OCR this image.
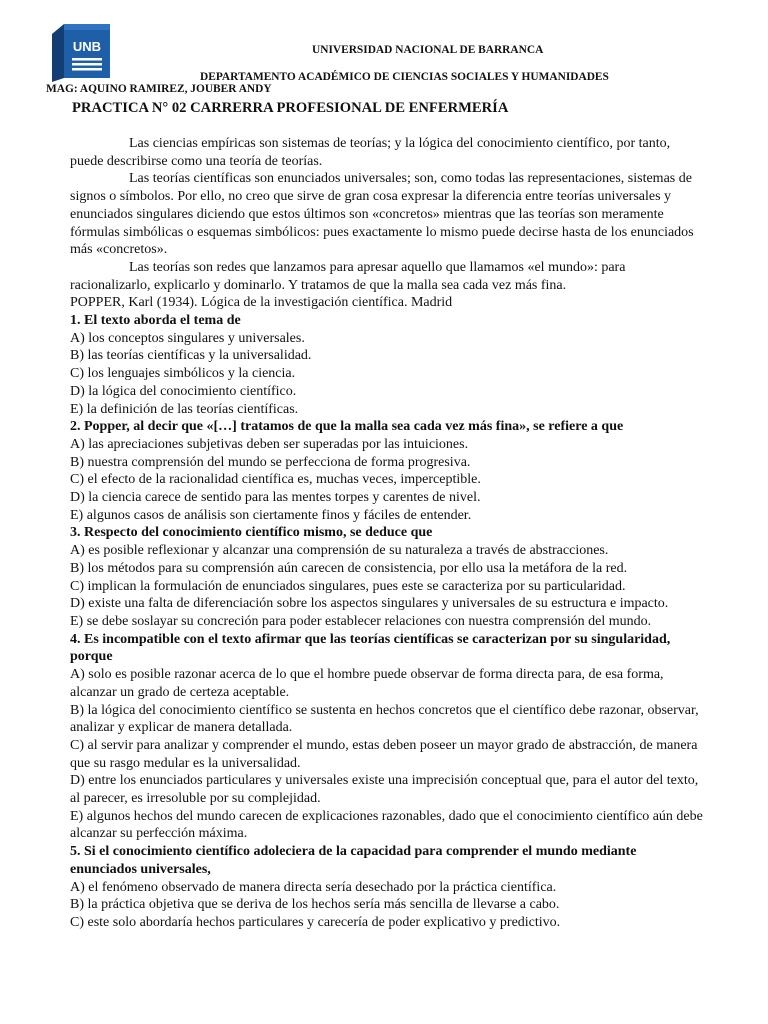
UNB	UNIVERSIDAD NACIONAL DE BARRANCA
DEPARTAMENTO ACADÉMICO DE CIENCIAS SOCIALES Y HUMANIDADES
MAG: AQUINO RAMIREZ, JOUBER ANDY
PRACTICA N° 02 CARRERRA PROFESIONAL DE ENFERMERÍA

Las ciencias empíricas son sistemas de teorías; y la lógica del conocimiento científico, por tanto, puede describirse como una teoría de teorías.

Las teorías científicas son enunciados universales; son, como todas las representaciones, sistemas de signos o símbolos. Por ello, no creo que sirve de gran cosa expresar la diferencia entre teorías universales y enunciados singulares diciendo que estos últimos son «concretos» mientras que las teorías son meramente fórmulas simbólicas o esquemas simbólicos: pues exactamente lo mismo puede decirse hasta de los enunciados más «concretos».

Las teorías son redes que lanzamos para apresar aquello que llamamos «el mundo»: para racionalizarlo, explicarlo y dominarlo. Y tratamos de que la malla sea cada vez más fina.

POPPER, Karl (1934). Lógica de la investigación científica. Madrid

1. El texto aborda el tema de

A) los conceptos singulares y universales.

B) las teorías científicas y la universalidad.

C) los lenguajes simbólicos y la ciencia.

D) la lógica del conocimiento científico.

E) la definición de las teorías científicas.

2. Popper, al decir que «[…] tratamos de que la malla sea cada vez más fina», se refiere a que

A) las apreciaciones subjetivas deben ser superadas por las intuiciones.

B) nuestra comprensión del mundo se perfecciona de forma progresiva.

C) el efecto de la racionalidad científica es, muchas veces, imperceptible.

D) la ciencia carece de sentido para las mentes torpes y carentes de nivel.

E) algunos casos de análisis son ciertamente finos y fáciles de entender.

3. Respecto del conocimiento científico mismo, se deduce que

A) es posible reflexionar y alcanzar una comprensión de su naturaleza a través de abstracciones.

B) los métodos para su comprensión aún carecen de consistencia, por ello usa la metáfora de la red.

C) implican la formulación de enunciados singulares, pues este se caracteriza por su particularidad.

D) existe una falta de diferenciación sobre los aspectos singulares y universales de su estructura e impacto.

E) se debe soslayar su concreción para poder establecer relaciones con nuestra comprensión del mundo.

4. Es incompatible con el texto afirmar que las teorías científicas se caracterizan por su singularidad, porque

A) solo es posible razonar acerca de lo que el hombre puede observar de forma directa para, de esa forma, alcanzar un grado de certeza aceptable.

B) la lógica del conocimiento científico se sustenta en hechos concretos que el científico debe razonar, observar, analizar y explicar de manera detallada.

C) al servir para analizar y comprender el mundo, estas deben poseer un mayor grado de abstracción, de manera que su rasgo medular es la universalidad.

D) entre los enunciados particulares y universales existe una imprecisión conceptual que, para el autor del texto, al parecer, es irresoluble por su complejidad.

E) algunos hechos del mundo carecen de explicaciones razonables, dado que el conocimiento científico aún debe alcanzar su perfección máxima.

5. Si el conocimiento científico adoleciera de la capacidad para comprender el mundo mediante enunciados universales,

A) el fenómeno observado de manera directa sería desechado por la práctica científica.

B) la práctica objetiva que se deriva de los hechos sería más sencilla de llevarse a cabo.

C) este solo abordaría hechos particulares y carecería de poder explicativo y predictivo.
